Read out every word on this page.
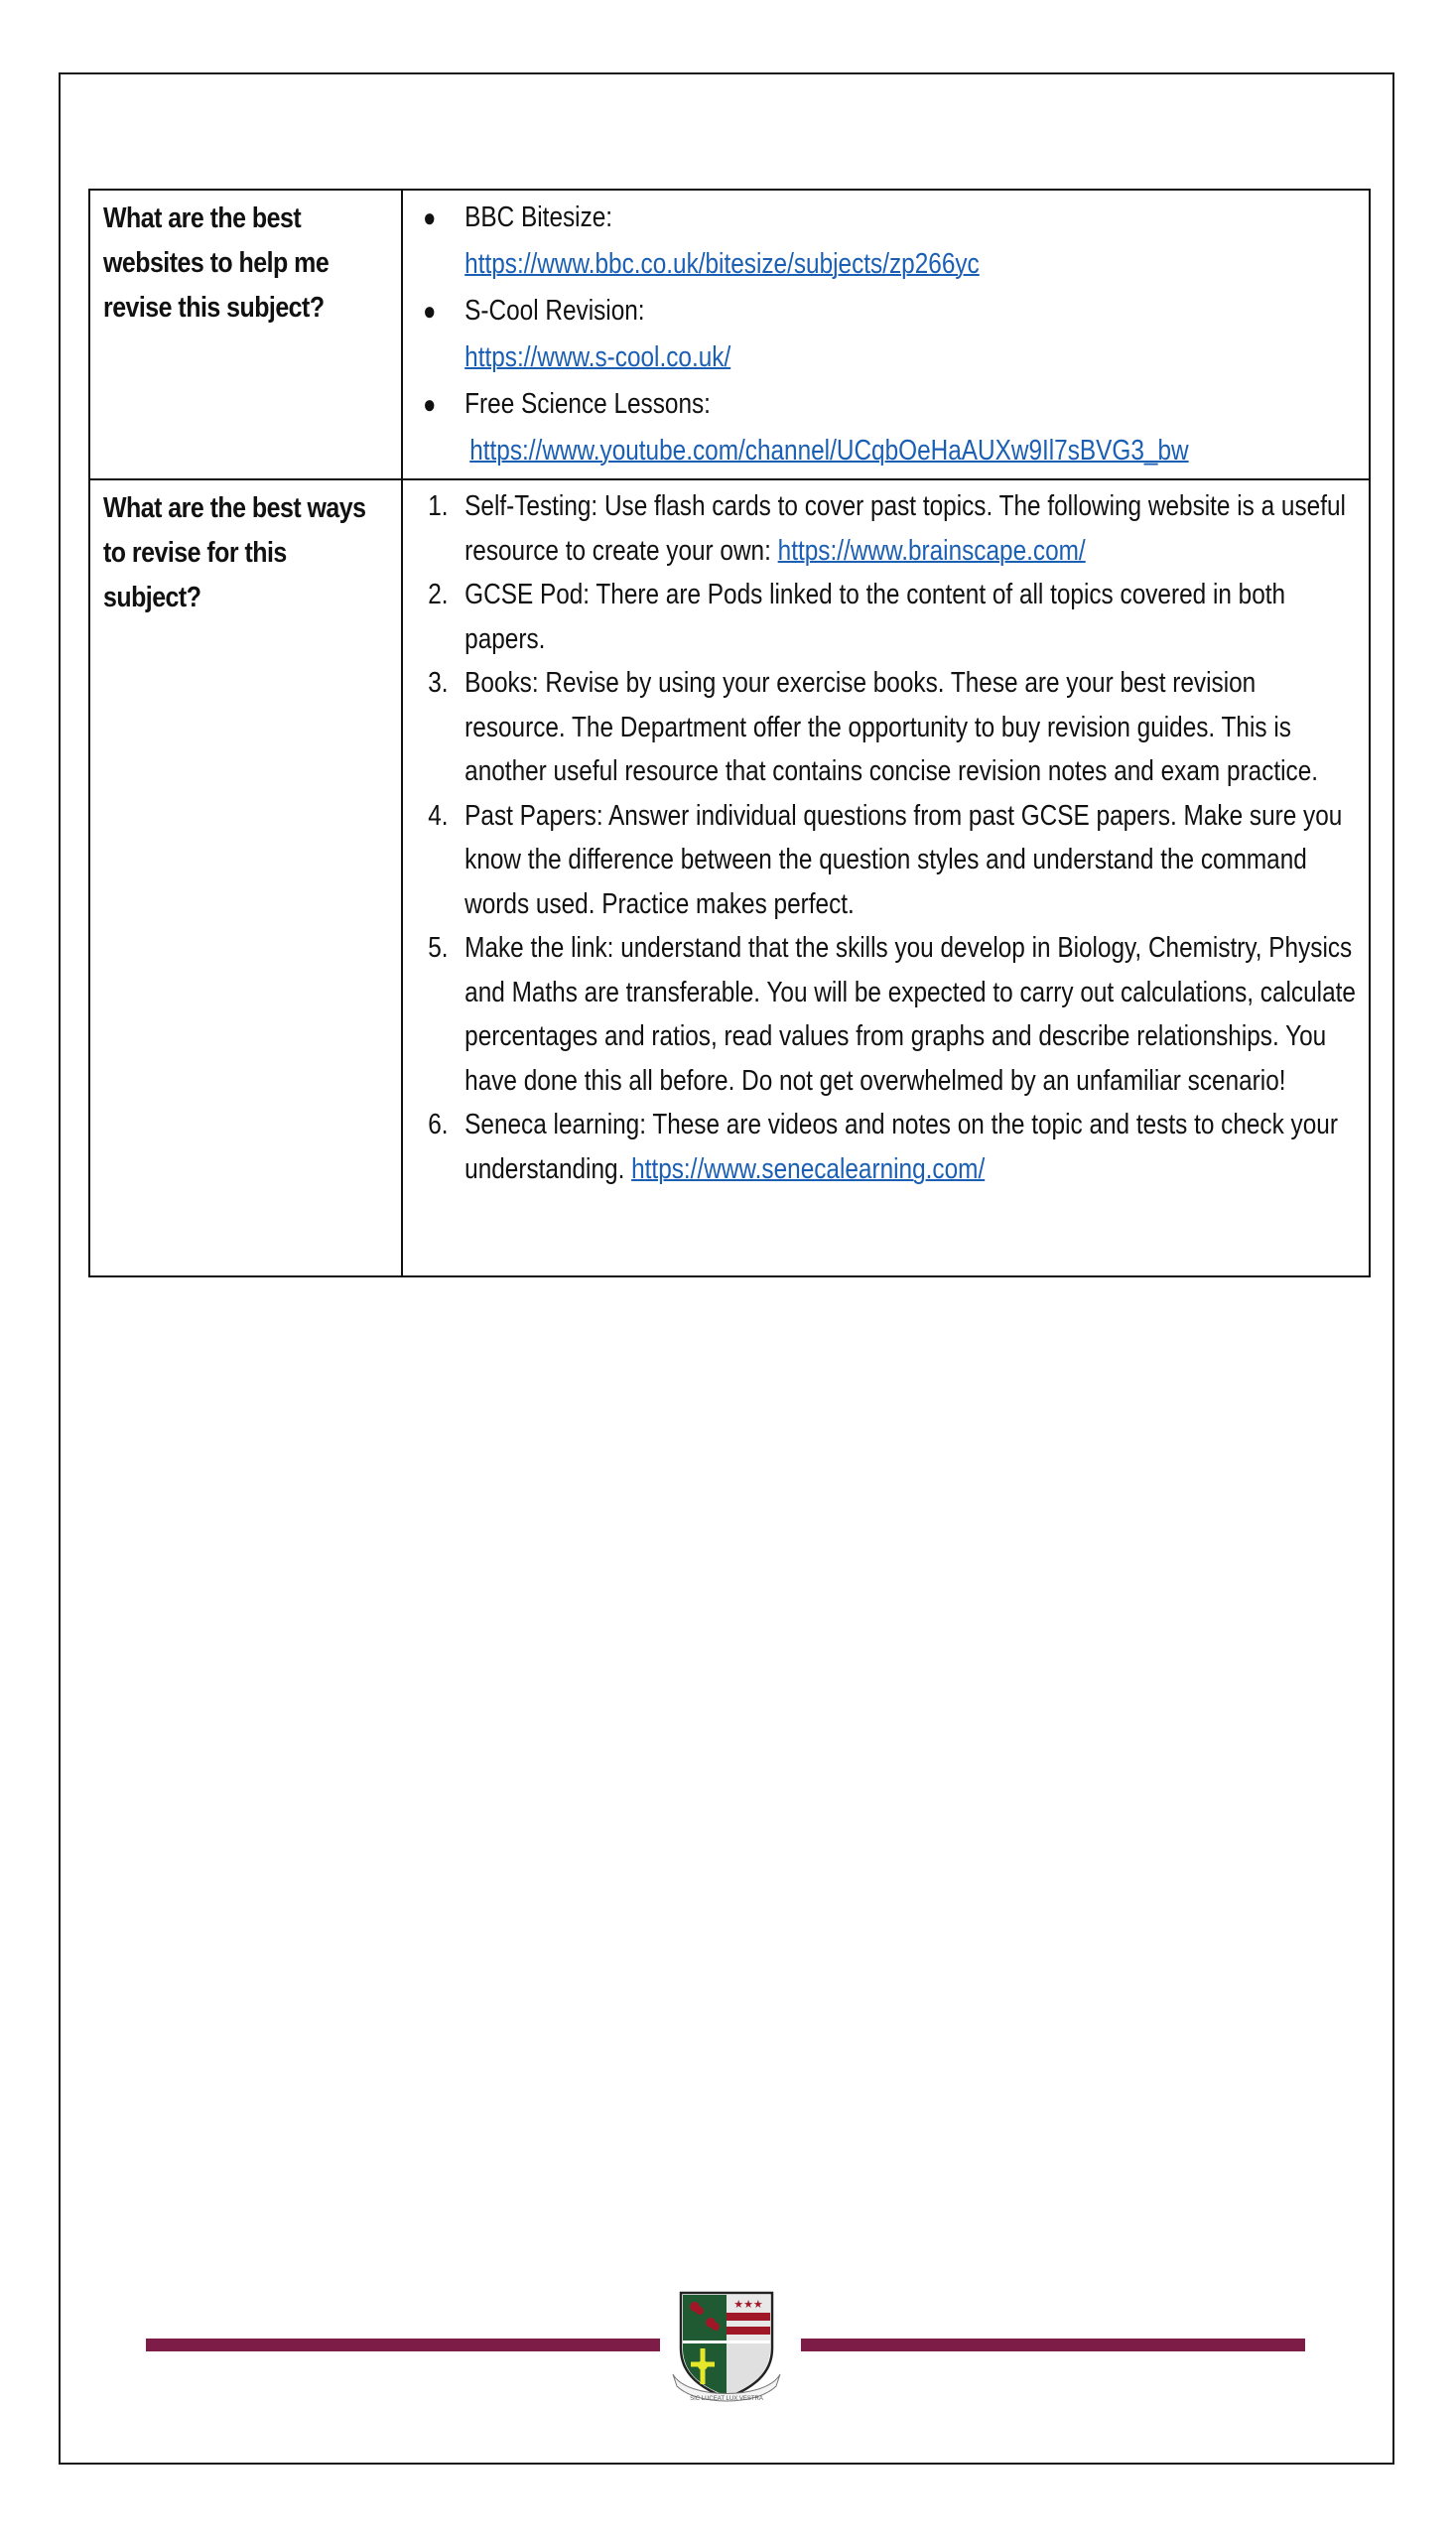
What are the best websites to help me revise this subject?

● BBC Bitesize:
https://www.bbc.co.uk/bitesize/subjects/zp266yc
● S-Cool Revision:
https://www.s-cool.co.uk/
● Free Science Lessons:
https://www.youtube.com/channel/UCqbOeHaAUXw9Il7sBVG3_bw

What are the best ways to revise for this subject?

1. Self-Testing: Use flash cards to cover past topics. The following website is a useful resource to create your own: https://www.brainscape.com/
2. GCSE Pod: There are Pods linked to the content of all topics covered in both papers.
3. Books: Revise by using your exercise books. These are your best revision resource. The Department offer the opportunity to buy revision guides. This is another useful resource that contains concise revision notes and exam practice.
4. Past Papers: Answer individual questions from past GCSE papers. Make sure you know the difference between the question styles and understand the command words used. Practice makes perfect.
5. Make the link: understand that the skills you develop in Biology, Chemistry, Physics and Maths are transferable. You will be expected to carry out calculations, calculate percentages and ratios, read values from graphs and describe relationships. You have done this all before. Do not get overwhelmed by an unfamiliar scenario!
6. Seneca learning: These are videos and notes on the topic and tests to check your understanding. https://www.senecalearning.com/
★★★
SIC LUCEAT LUX VESTRA
